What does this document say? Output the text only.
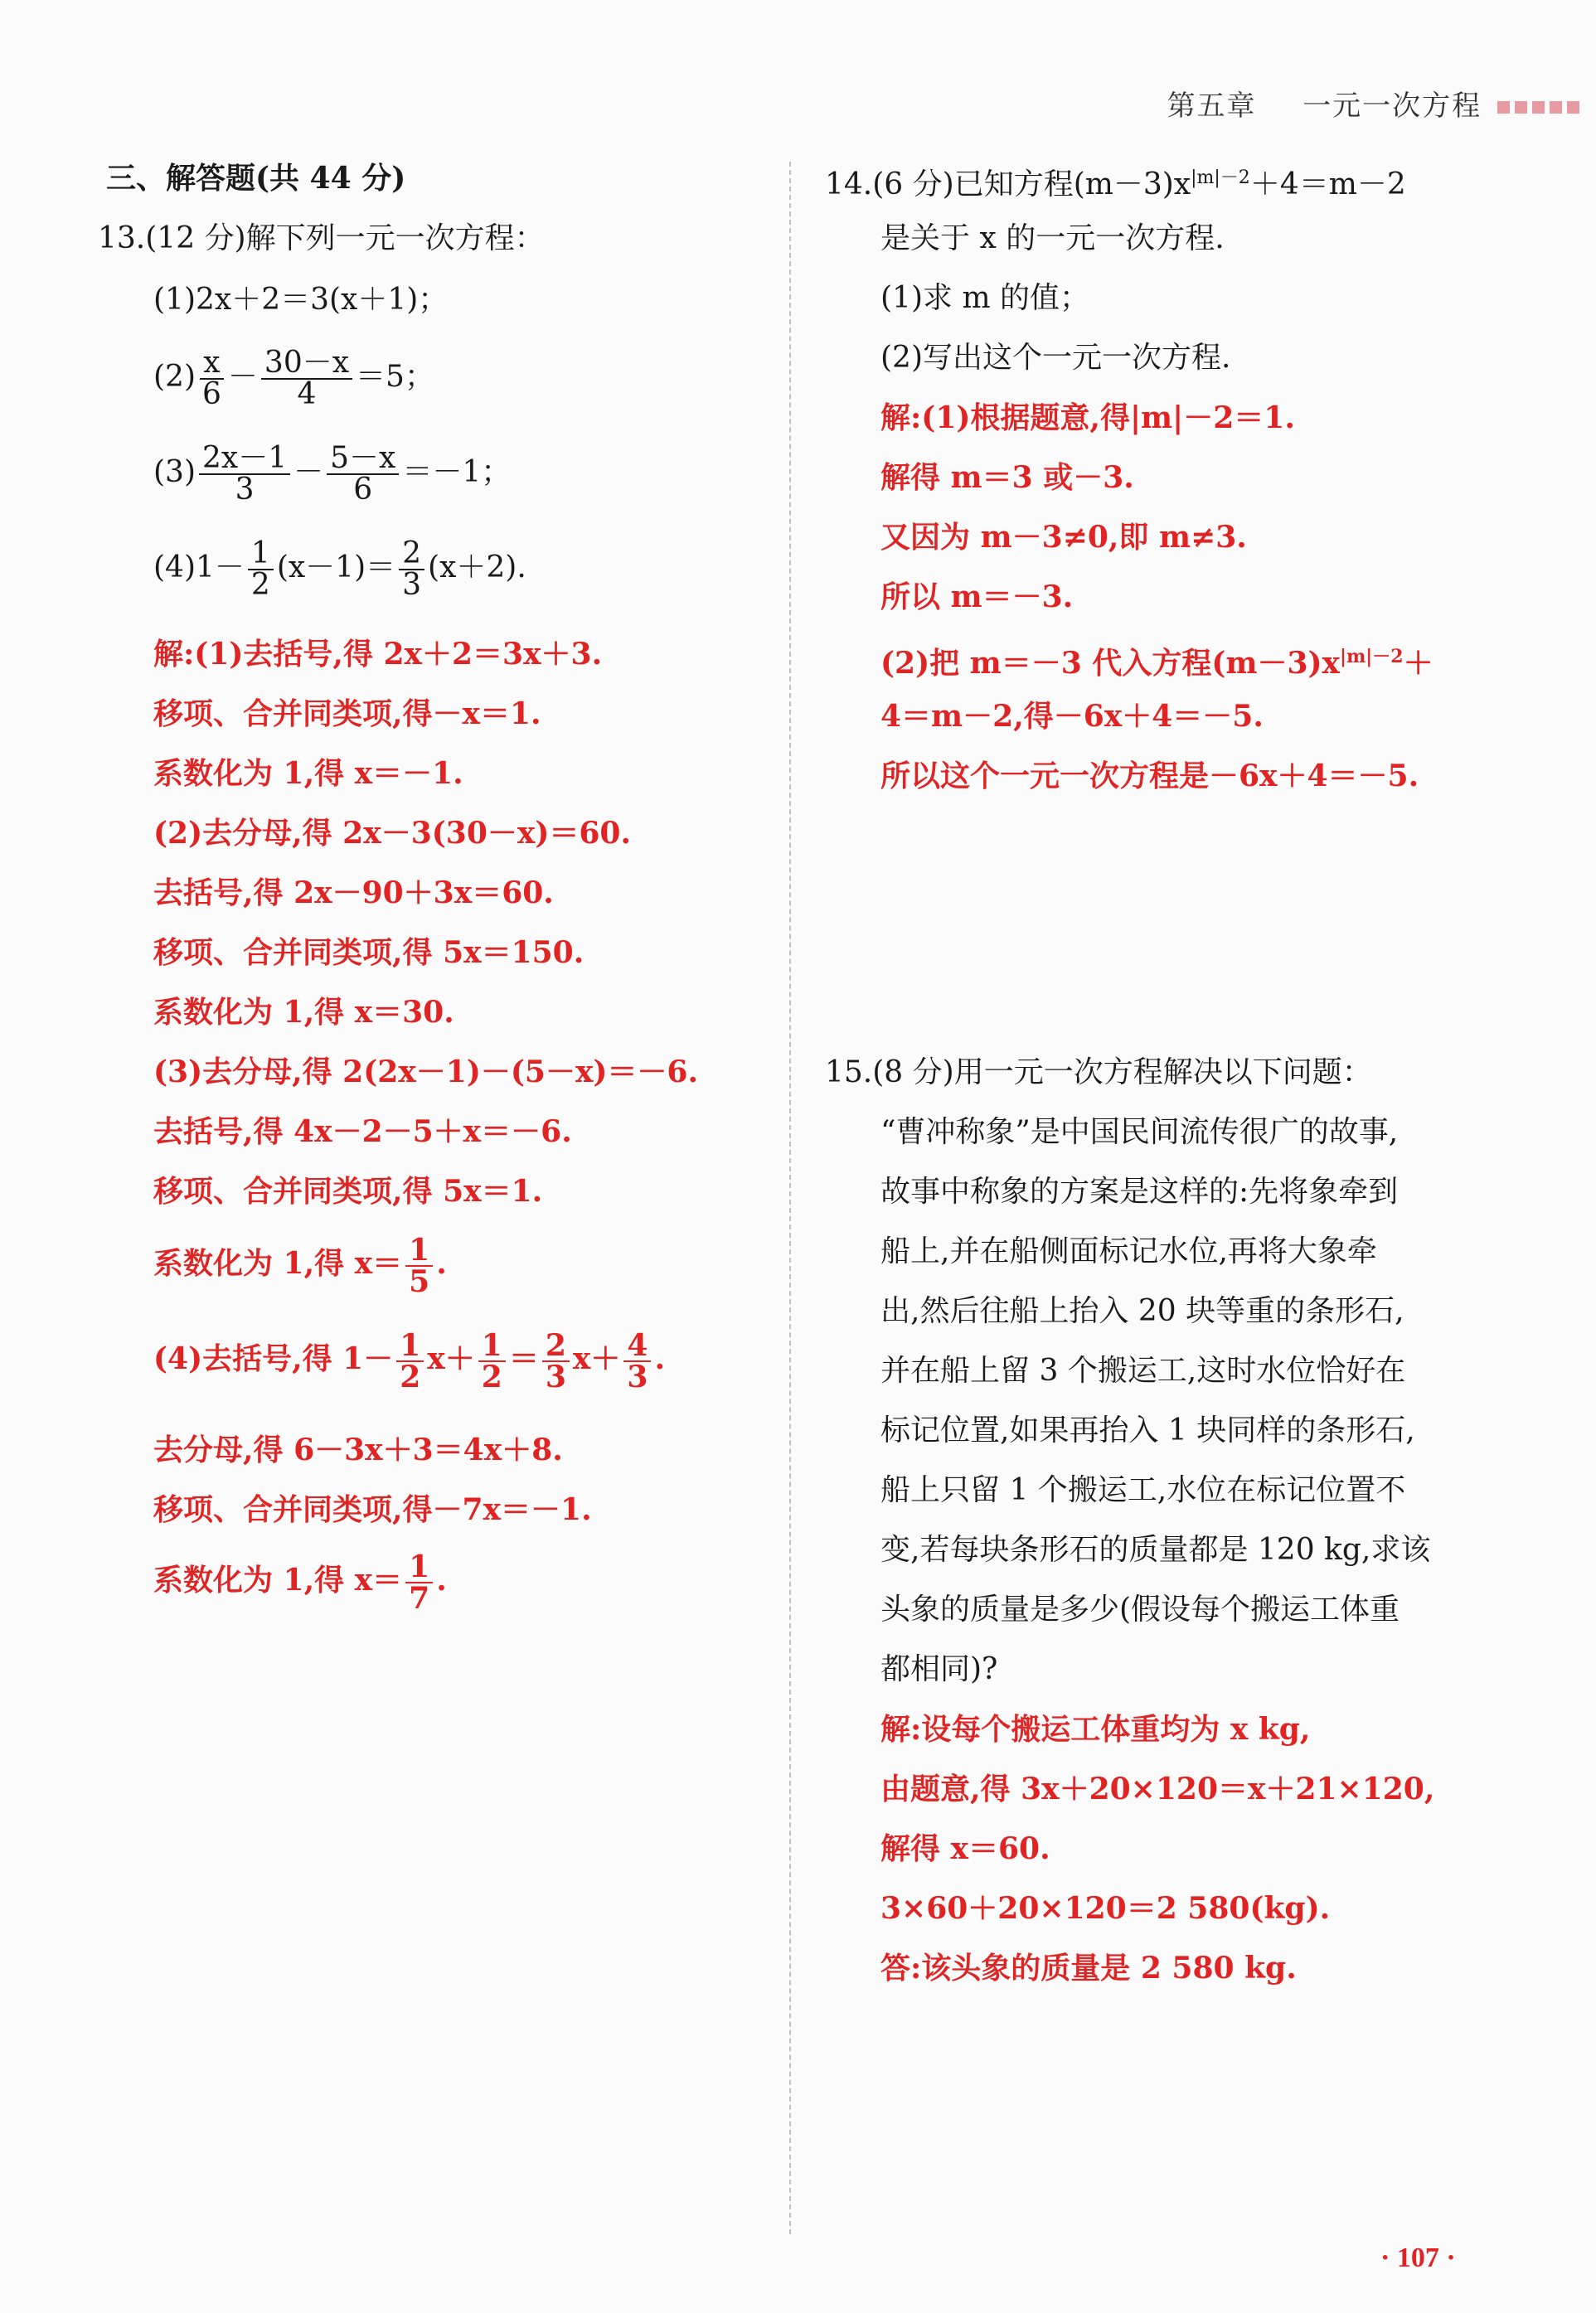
第五章 一元一次方程
三、解答题(共 44 分)
13.(12 分)解下列一元一次方程：
(1)2x＋2＝3(x＋1)；
$(2) \frac{x}{6} - \frac{30-x}{4} =5$；
$(3) \frac{2x-1}{3} - \frac{5-x}{6} =-1$；
$(4)1- \frac{1}{2} (x-1)= \frac{2}{3} (x+2)$.
解:(1)去括号,得 2x＋2＝3x＋3.
移项、合并同类项,得－x＝1.
系数化为 1,得 x＝－1.
(2)去分母,得 2x－3(30－x)＝60.
去括号,得 2x－90＋3x＝60.
移项、合并同类项,得 5x＝150.
系数化为 1,得 x＝30.
(3)去分母,得 2(2x－1)－(5－x)＝－6.
去括号,得 4x－2－5＋x＝－6.
移项、合并同类项,得 5x＝1.
系数化为 1,得 $x= \frac{1}{5}$ .
(4)去括号,得 $1- \frac{1}{2} x+ \frac{1}{2} = \frac{2}{3} x+ \frac{4}{3}$ .
去分母,得 6－3x＋3＝4x＋8.
移项、合并同类项,得－7x＝－1.
系数化为 1,得 $x= \frac{1}{7}$ .
14.(6 分)已知方程$(m-3)x^{|m|-2}+4=m-2$
是关于 x 的一元一次方程.
(1)求 m 的值；
(2)写出这个一元一次方程.
解:(1)根据题意,得|m|－2＝1.
解得 m＝3 或－3.
又因为 m－3≠0,即 m≠3.
所以 m＝－3.
(2)把 m＝－3 代入方程$(m-3)x^{|m|-2}+$
4＝m－2,得－6x＋4＝－5.
所以这个一元一次方程是－6x＋4＝－5.
15.(8 分)用一元一次方程解决以下问题：
“曹冲称象”是中国民间流传很广的故事,
故事中称象的方案是这样的:先将象牵到
船上,并在船侧面标记水位,再将大象牵
出,然后往船上抬入 20 块等重的条形石,
并在船上留 3 个搬运工,这时水位恰好在
标记位置,如果再抬入 1 块同样的条形石,
船上只留 1 个搬运工,水位在标记位置不
变,若每块条形石的质量都是 120 kg,求该
头象的质量是多少(假设每个搬运工体重
都相同)?
解:设每个搬运工体重均为 x kg,
由题意,得 3x＋20×120＝x＋21×120,
解得 x＝60.
3×60＋20×120＝2 580(kg).
答:该头象的质量是 2 580 kg.
· 107 ·
